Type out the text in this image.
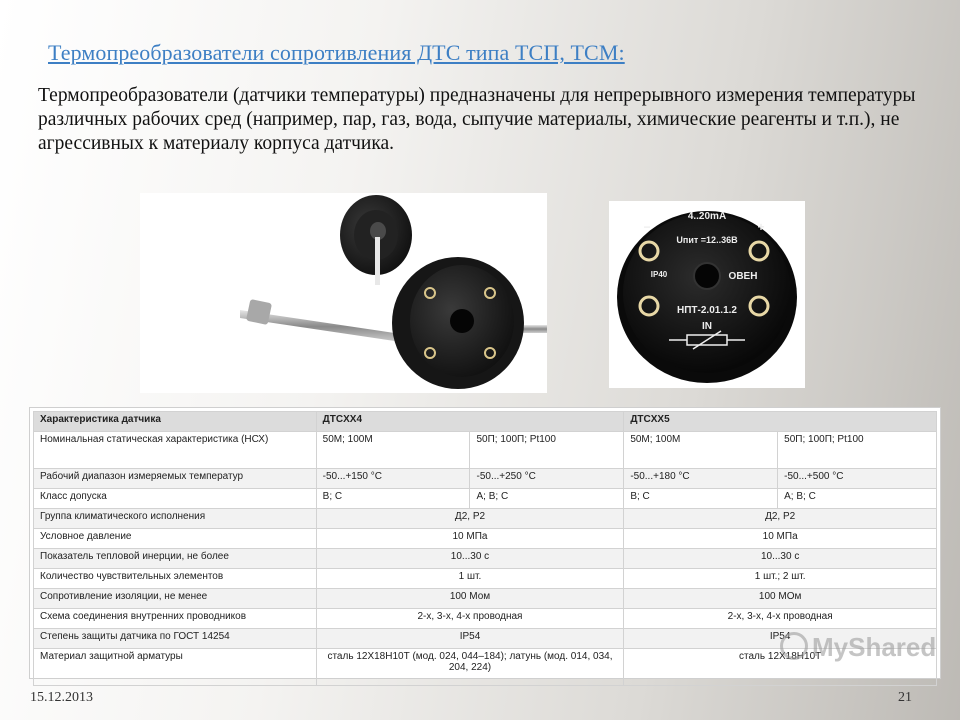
Термопреобразователи сопротивления ДТС типа ТСП, ТСМ:
Термопреобразователи (датчики температуры) предназначены для непрерывного измерения температуры различных рабочих сред (например, пар, газ, вода, сыпучие материалы, химические реагенты и т.п.), не агрессивных к материалу корпуса датчика.
4..20mA
Uпит =12..36В
−	+
IP40	ОВЕН
НПТ-2.01.1.2
IN
Характеристика датчика	ДТСXX4		ДТСXX5	
Номинальная статическая характеристика (НСХ)	50М; 100М	50П; 100П; Pt100	50М; 100М	50П; 100П; Pt100
Рабочий диапазон измеряемых температур	-50...+150 °С	-50...+250 °С	-50...+180 °С	-50...+500 °С
Класс допуска	В; С	А; В; С	В; С	А; В; С
Группа климатического исполнения	Д2, Р2		Д2, Р2	
Условное давление	10 МПа		10 МПа	
Показатель тепловой инерции, не более	10...30 с		10...30 с	
Количество чувствительных элементов	1 шт.		1 шт.; 2 шт.	
Сопротивление изоляции, не менее	100 Мом		100 МОм	
Схема соединения внутренних проводников	2-х, 3-х, 4-х проводная		2-х, 3-х, 4-х проводная	
Степень защиты датчика по ГОСТ 14254	IP54		IP54	
Материал защитной арматуры	сталь 12Х18Н10Т (мод. 024, 044–184); латунь (мод. 014, 034, 204, 224)		сталь 12Х18Н10Т	
MyShared
15.12.2013	21
